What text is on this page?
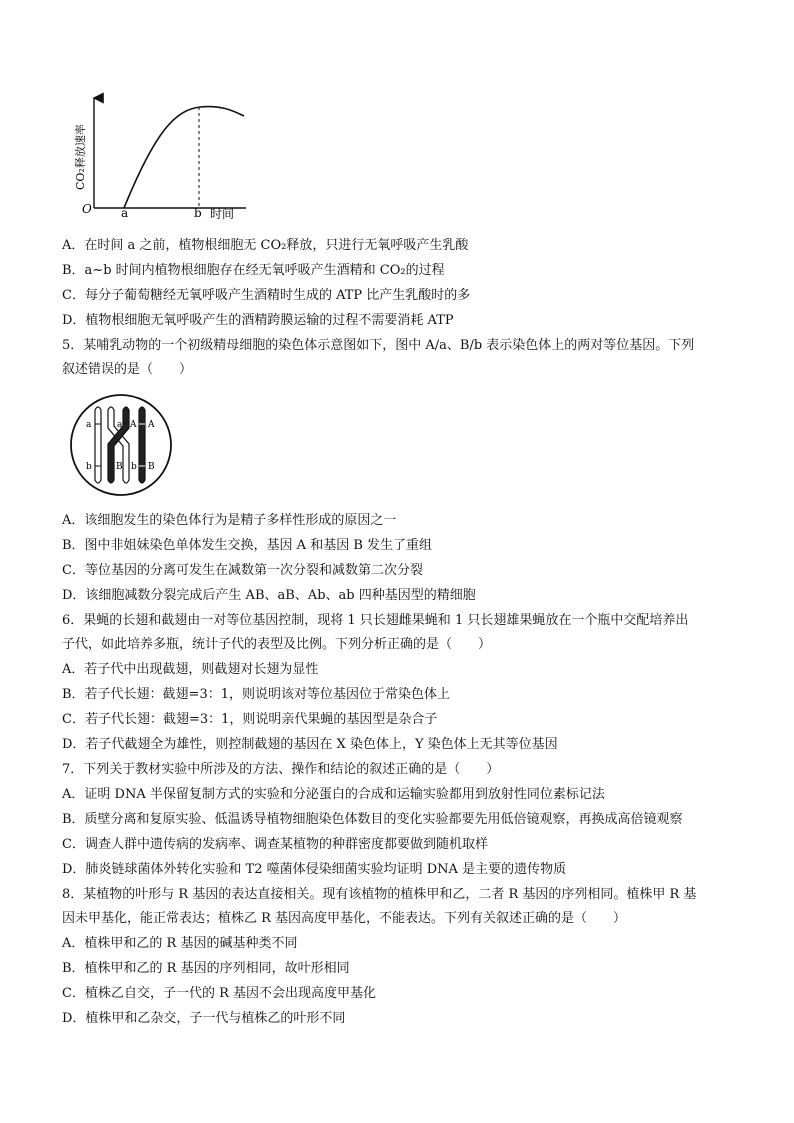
O a	b 时间
CO₂释放速率
A．在时间 a 之前，植物根细胞无 CO₂释放，只进行无氧呼吸产生乳酸
B．a~b 时间内植物根细胞存在经无氧呼吸产生酒精和 CO₂的过程
C．每分子葡萄糖经无氧呼吸产生酒精时生成的 ATP 比产生乳酸时的多
D．植物根细胞无氧呼吸产生的酒精跨膜运输的过程不需要消耗 ATP
5．某哺乳动物的一个初级精母细胞的染色体示意图如下，图中 A/a、B/b 表示染色体上的两对等位基因。下列
叙述错误的是（　　）
a	a A A
b	B b B
A．该细胞发生的染色体行为是精子多样性形成的原因之一
B．图中非姐妹染色单体发生交换，基因 A 和基因 B 发生了重组
C．等位基因的分离可发生在减数第一次分裂和减数第二次分裂
D．该细胞减数分裂完成后产生 AB、aB、Ab、ab 四种基因型的精细胞
6．果蝇的长翅和截翅由一对等位基因控制，现将 1 只长翅雌果蝇和 1 只长翅雄果蝇放在一个瓶中交配培养出
子代，如此培养多瓶，统计子代的表型及比例。下列分析正确的是（　　）
A．若子代中出现截翅，则截翅对长翅为显性
B．若子代长翅：截翅=3：1，则说明该对等位基因位于常染色体上
C．若子代长翅：截翅=3：1，则说明亲代果蝇的基因型是杂合子
D．若子代截翅全为雄性，则控制截翅的基因在 X 染色体上，Y 染色体上无其等位基因
7．下列关于教材实验中所涉及的方法、操作和结论的叙述正确的是（　　）
A．证明 DNA 半保留复制方式的实验和分泌蛋白的合成和运输实验都用到放射性同位素标记法
B．质壁分离和复原实验、低温诱导植物细胞染色体数目的变化实验都要先用低倍镜观察，再换成高倍镜观察
C．调查人群中遗传病的发病率、调查某植物的种群密度都要做到随机取样
D．肺炎链球菌体外转化实验和 T2 噬菌体侵染细菌实验均证明 DNA 是主要的遗传物质
8．某植物的叶形与 R 基因的表达直接相关。现有该植物的植株甲和乙，二者 R 基因的序列相同。植株甲 R 基
因未甲基化，能正常表达；植株乙 R 基因高度甲基化，不能表达。下列有关叙述正确的是（　　）
A．植株甲和乙的 R 基因的碱基种类不同
B．植株甲和乙的 R 基因的序列相同，故叶形相同
C．植株乙自交，子一代的 R 基因不会出现高度甲基化
D．植株甲和乙杂交，子一代与植株乙的叶形不同
